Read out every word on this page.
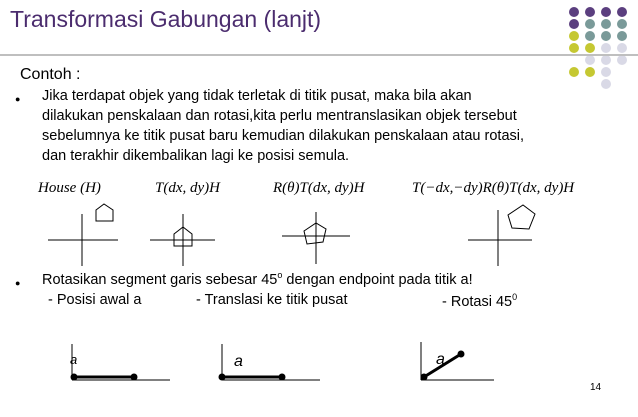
Transformasi Gabungan (lanjt)
Contoh :
● Jika terdapat objek yang tidak terletak di titik pusat, maka bila akan
dilakukan penskalaan dan rotasi,kita perlu mentranslasikan objek tersebut
sebelumnya ke titik pusat baru kemudian dilakukan penskalaan atau rotasi,
dan terakhir dikembalikan lagi ke posisi semula.
House (H)	T(dx, dy)H	R(θ)T(dx, dy)H	T(−dx,−dy)R(θ)T(dx, dy)H
● Rotasikan segment garis sebesar 45$^o$ dengan endpoint pada titik a!
- Posisi awal a	- Translasi ke titik pusat	- Rotasi $45^0$
a	a	a
14
